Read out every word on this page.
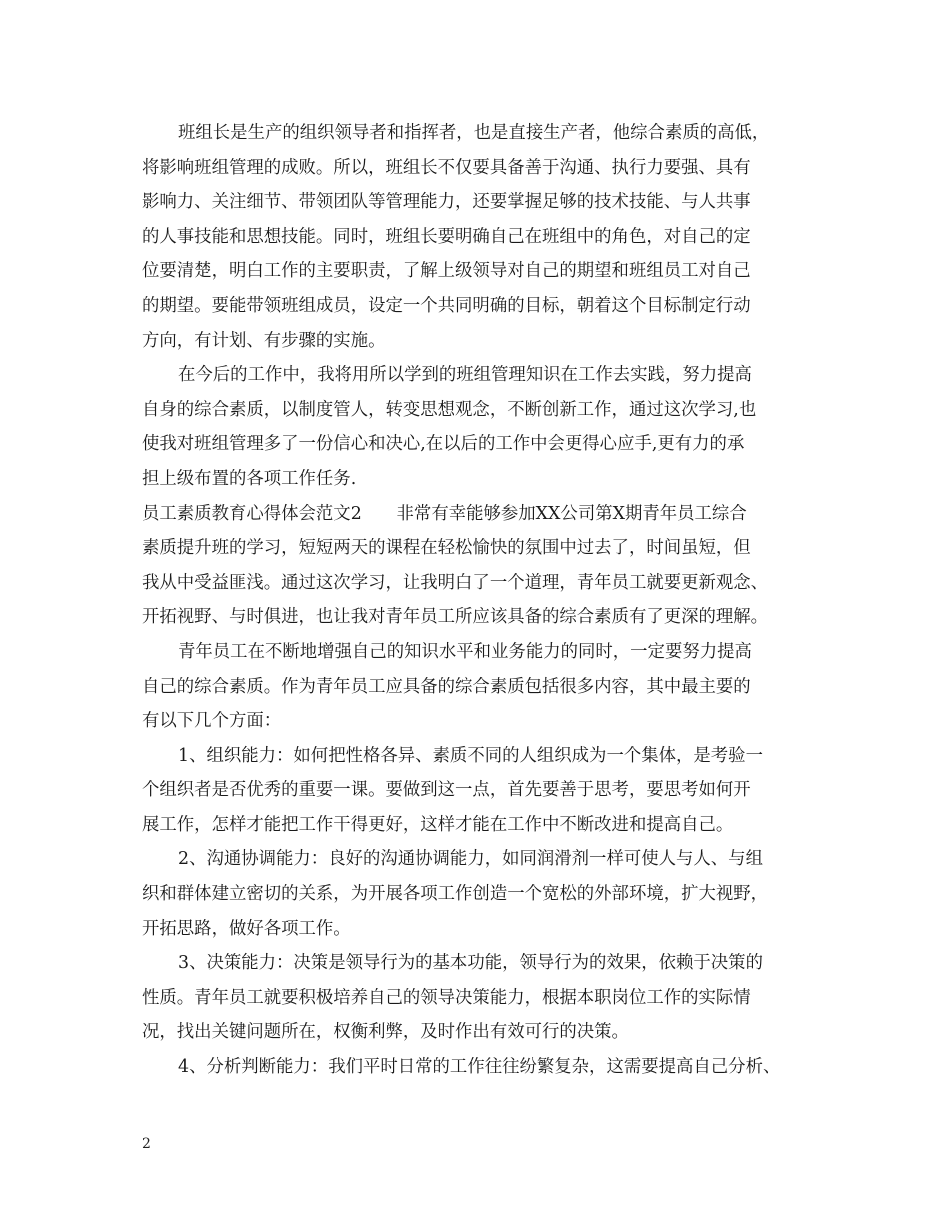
班组长是生产的组织领导者和指挥者，也是直接生产者，他综合素质的高低，
将影响班组管理的成败。所以，班组长不仅要具备善于沟通、执行力要强、具有
影响力、关注细节、带领团队等管理能力，还要掌握足够的技术技能、与人共事
的人事技能和思想技能。同时，班组长要明确自己在班组中的角色，对自己的定
位要清楚，明白工作的主要职责，了解上级领导对自己的期望和班组员工对自己
的期望。要能带领班组成员，设定一个共同明确的目标，朝着这个目标制定行动
方向，有计划、有步骤的实施。
在今后的工作中，我将用所以学到的班组管理知识在工作去实践，努力提高
自身的综合素质，以制度管人，转变思想观念，不断创新工作，通过这次学习,也
使我对班组管理多了一份信心和决心,在以后的工作中会更得心应手,更有力的承
担上级布置的各项工作任务.
员工素质教育心得体会范文2　　非常有幸能够参加XX公司第X期青年员工综合
素质提升班的学习，短短两天的课程在轻松愉快的氛围中过去了，时间虽短，但
我从中受益匪浅。通过这次学习，让我明白了一个道理，青年员工就要更新观念、
开拓视野、与时俱进，也让我对青年员工所应该具备的综合素质有了更深的理解。
青年员工在不断地增强自己的知识水平和业务能力的同时，一定要努力提高
自己的综合素质。作为青年员工应具备的综合素质包括很多内容，其中最主要的
有以下几个方面：
1、组织能力：如何把性格各异、素质不同的人组织成为一个集体，是考验一
个组织者是否优秀的重要一课。要做到这一点，首先要善于思考，要思考如何开
展工作，怎样才能把工作干得更好，这样才能在工作中不断改进和提高自己。
2、沟通协调能力：良好的沟通协调能力，如同润滑剂一样可使人与人、与组
织和群体建立密切的关系，为开展各项工作创造一个宽松的外部环境，扩大视野，
开拓思路，做好各项工作。
3、决策能力：决策是领导行为的基本功能，领导行为的效果，依赖于决策的
性质。青年员工就要积极培养自己的领导决策能力，根据本职岗位工作的实际情
况，找出关键问题所在，权衡利弊，及时作出有效可行的决策。
4、分析判断能力：我们平时日常的工作往往纷繁复杂，这需要提高自己分析、
2
